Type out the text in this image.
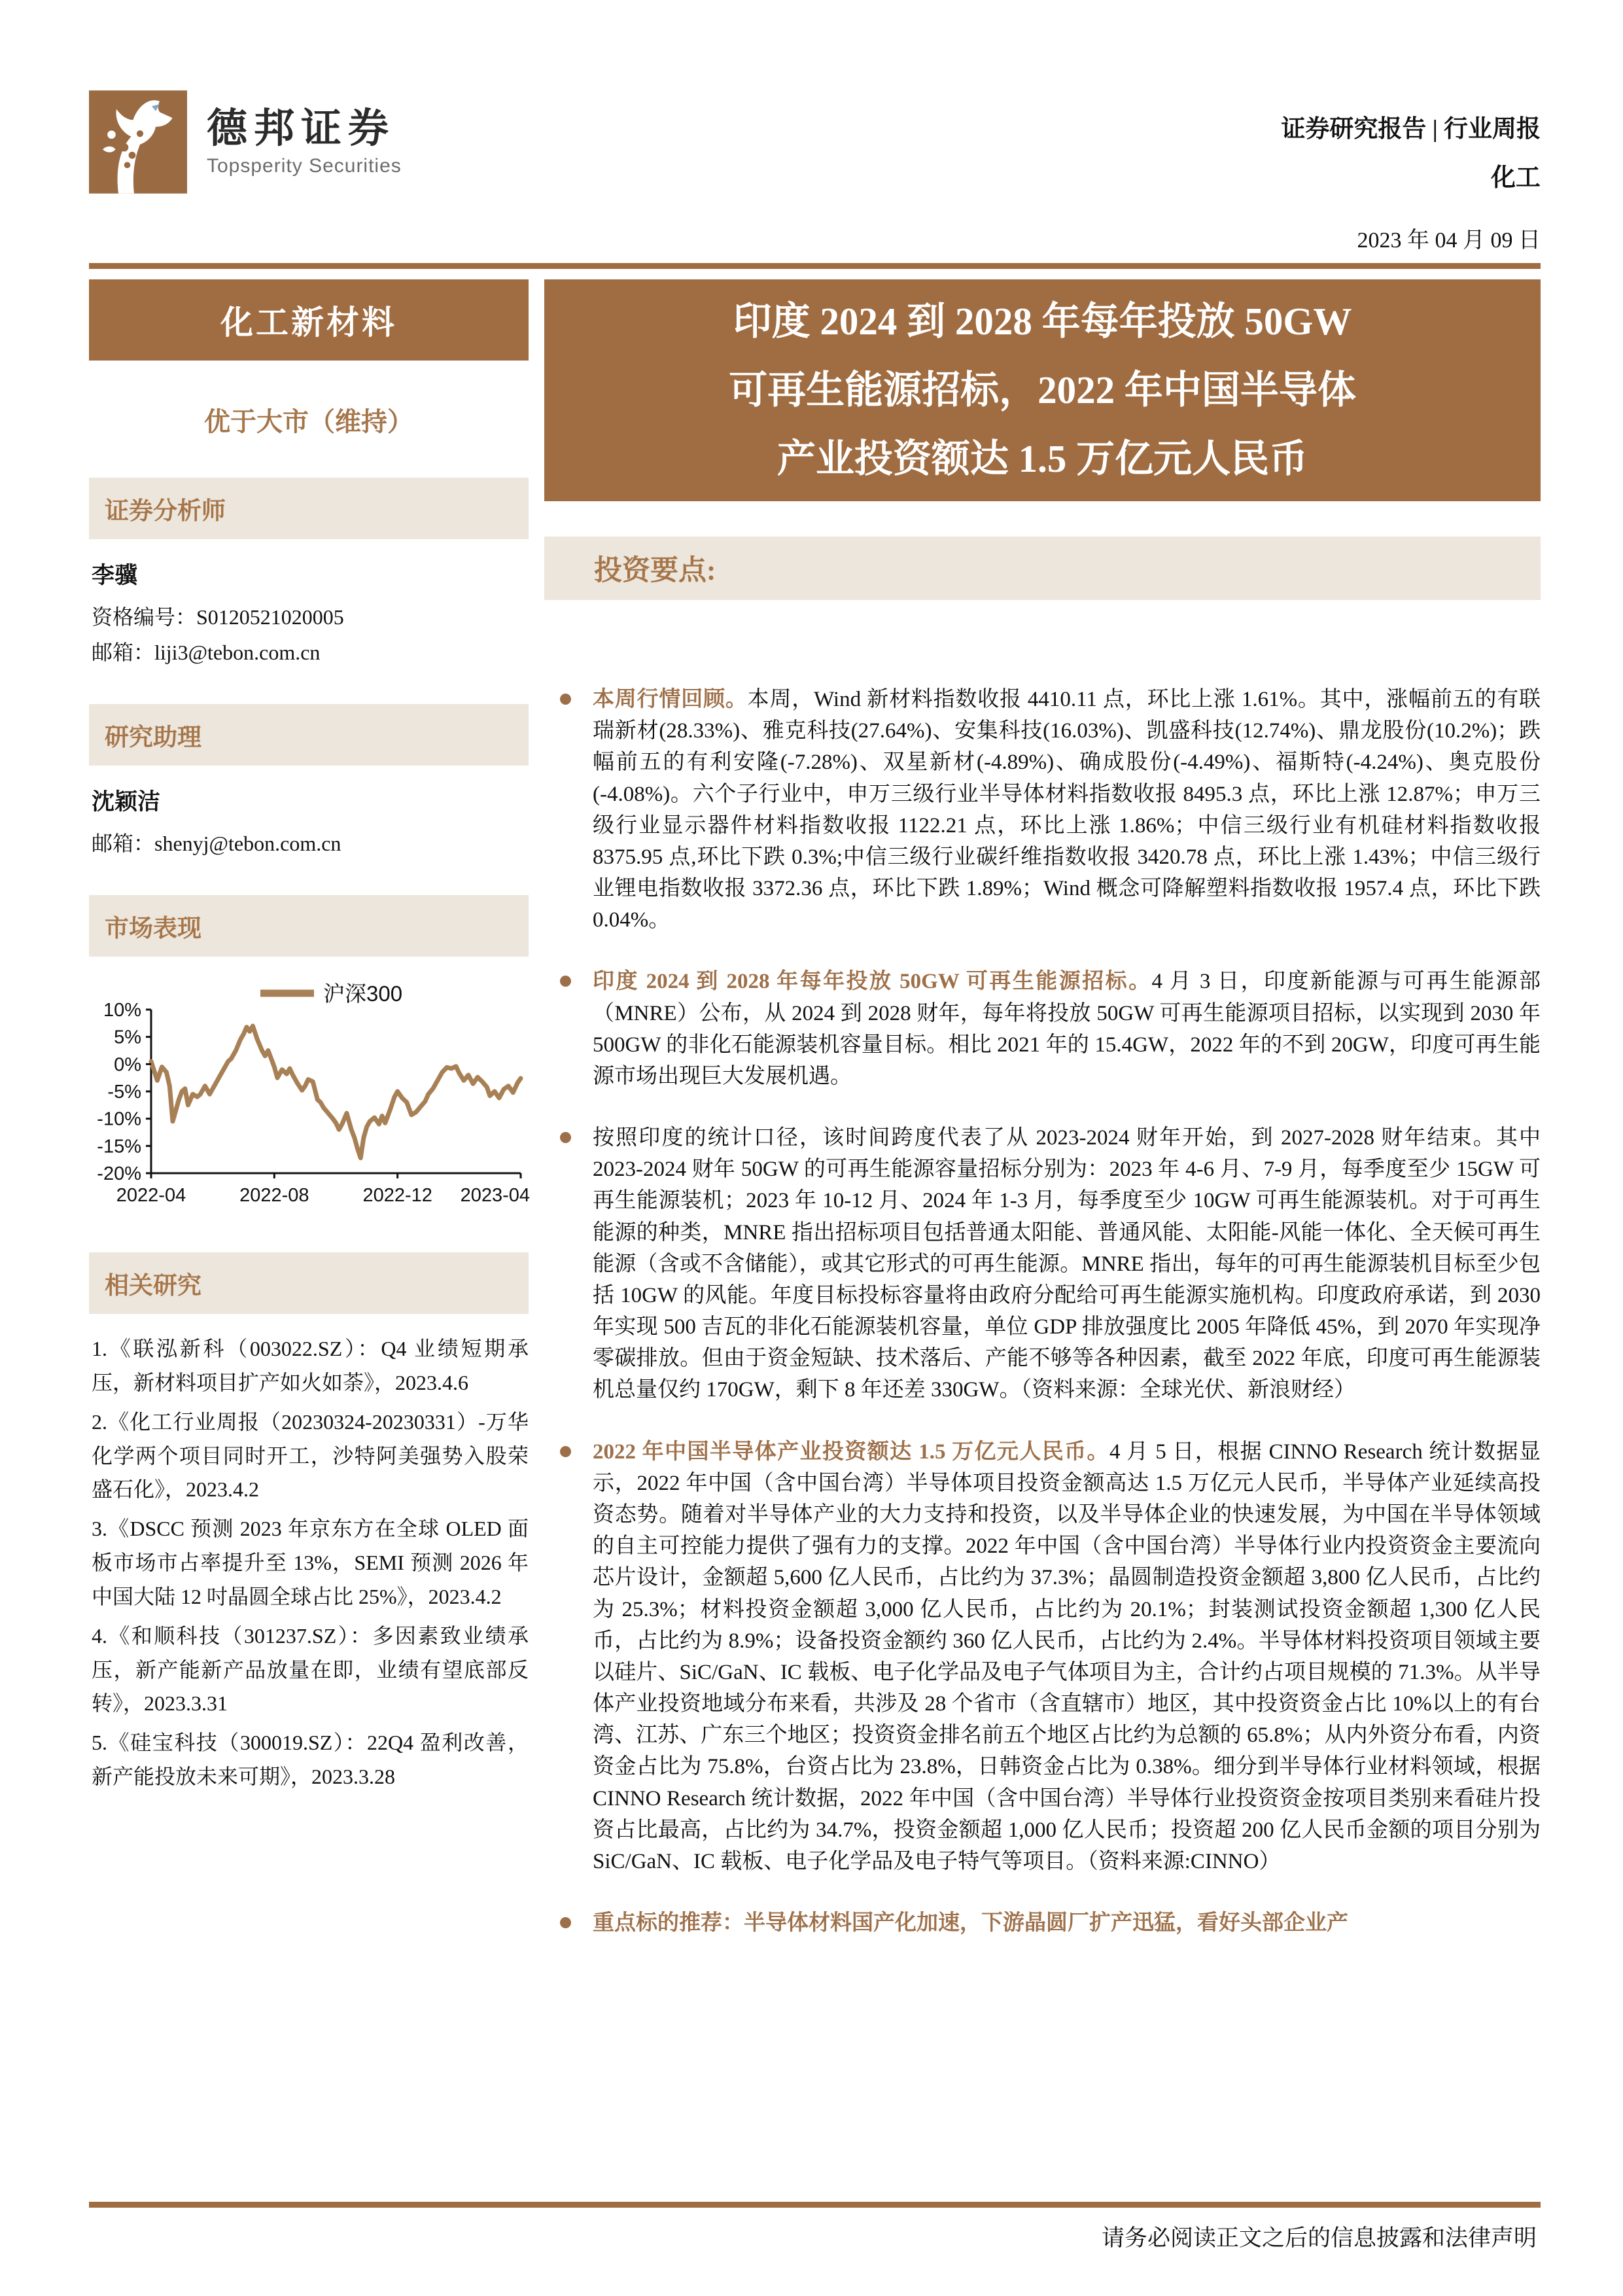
德邦证券
Topsperity Securities
证券研究报告 | 行业周报
化工
2023 年 04 月 09 日
化工新材料
优于大市（维持）
证券分析师
李骥
资格编号：S0120521020005
邮箱：liji3@tebon.com.cn
研究助理
沈颖洁
邮箱：shenyj@tebon.com.cn
市场表现
沪深300
10%
5%
0%
-5%
-10%
-15%
-20%
2022-04	2022-08	2022-12 2023-04
相关研究
1.《联泓新科（003022.SZ）：Q4 业绩短期承压，新材料项目扩产如火如荼》，2023.4.6
2.《化工行业周报（20230324-20230331）-万华化学两个项目同时开工，沙特阿美强势入股荣盛石化》，2023.4.2
3.《DSCC 预测 2023 年京东方在全球 OLED 面板市场市占率提升至 13%，SEMI 预测 2026 年中国大陆 12 吋晶圆全球占比 25%》，2023.4.2
4.《和顺科技（301237.SZ）：多因素致业绩承压，新产能新产品放量在即，业绩有望底部反转》，2023.3.31
5.《硅宝科技（300019.SZ）：22Q4 盈利改善，新产能投放未来可期》，2023.3.28
印度 2024 到 2028 年每年投放 50GW
可再生能源招标，2022 年中国半导体
产业投资额达 1.5 万亿元人民币
投资要点:
本周行情回顾。本周，Wind 新材料指数收报 4410.11 点，环比上涨 1.61%。其中，涨幅前五的有联瑞新材(28.33%)、雅克科技(27.64%)、安集科技(16.03%)、凯盛科技(12.74%)、鼎龙股份(10.2%)；跌幅前五的有利安隆(-7.28%)、双星新材(-4.89%)、确成股份(-4.49%)、福斯特(-4.24%)、奥克股份(-4.08%)。六个子行业中，申万三级行业半导体材料指数收报 8495.3 点，环比上涨 12.87%；申万三级行业显示器件材料指数收报 1122.21 点，环比上涨 1.86%；中信三级行业有机硅材料指数收报 8375.95 点,环比下跌 0.3%;中信三级行业碳纤维指数收报 3420.78 点，环比上涨 1.43%；中信三级行业锂电指数收报 3372.36 点，环比下跌 1.89%；Wind 概念可降解塑料指数收报 1957.4 点，环比下跌 0.04%。
印度 2024 到 2028 年每年投放 50GW 可再生能源招标。4 月 3 日，印度新能源与可再生能源部（MNRE）公布，从 2024 到 2028 财年，每年将投放 50GW 可再生能源项目招标，以实现到 2030 年 500GW 的非化石能源装机容量目标。相比 2021 年的 15.4GW，2022 年的不到 20GW，印度可再生能源市场出现巨大发展机遇。
按照印度的统计口径，该时间跨度代表了从 2023-2024 财年开始，到 2027-2028 财年结束。其中 2023-2024 财年 50GW 的可再生能源容量招标分别为：2023 年 4-6 月、7-9 月，每季度至少 15GW 可再生能源装机；2023 年 10-12 月、2024 年 1-3 月，每季度至少 10GW 可再生能源装机。对于可再生能源的种类，MNRE 指出招标项目包括普通太阳能、普通风能、太阳能-风能一体化、全天候可再生能源（含或不含储能），或其它形式的可再生能源。MNRE 指出，每年的可再生能源装机目标至少包括 10GW 的风能。年度目标投标容量将由政府分配给可再生能源实施机构。印度政府承诺，到 2030 年实现 500 吉瓦的非化石能源装机容量，单位 GDP 排放强度比 2005 年降低 45%，到 2070 年实现净零碳排放。但由于资金短缺、技术落后、产能不够等各种因素，截至 2022 年底，印度可再生能源装机总量仅约 170GW，剩下 8 年还差 330GW。（资料来源：全球光伏、新浪财经）
2022 年中国半导体产业投资额达 1.5 万亿元人民币。4 月 5 日，根据 CINNO Research 统计数据显示，2022 年中国（含中国台湾）半导体项目投资金额高达 1.5 万亿元人民币，半导体产业延续高投资态势。随着对半导体产业的大力支持和投资，以及半导体企业的快速发展，为中国在半导体领域的自主可控能力提供了强有力的支撑。2022 年中国（含中国台湾）半导体行业内投资资金主要流向芯片设计，金额超 5,600 亿人民币，占比约为 37.3%；晶圆制造投资金额超 3,800 亿人民币，占比约为 25.3%；材料投资金额超 3,000 亿人民币，占比约为 20.1%；封装测试投资金额超 1,300 亿人民币，占比约为 8.9%；设备投资金额约 360 亿人民币，占比约为 2.4%。半导体材料投资项目领域主要以硅片、SiC/GaN、IC 载板、电子化学品及电子气体项目为主，合计约占项目规模的 71.3%。从半导体产业投资地域分布来看，共涉及 28 个省市（含直辖市）地区，其中投资资金占比 10%以上的有台湾、江苏、广东三个地区；投资资金排名前五个地区占比约为总额的 65.8%；从内外资分布看，内资资金占比为 75.8%，台资占比为 23.8%，日韩资金占比为 0.38%。细分到半导体行业材料领域，根据 CINNO Research 统计数据，2022 年中国（含中国台湾）半导体行业投资资金按项目类别来看硅片投资占比最高，占比约为 34.7%，投资金额超 1,000 亿人民币；投资超 200 亿人民币金额的项目分别为 SiC/GaN、IC 载板、电子化学品及电子特气等项目。（资料来源:CINNO）
重点标的推荐：半导体材料国产化加速，下游晶圆厂扩产迅猛，看好头部企业产
请务必阅读正文之后的信息披露和法律声明
